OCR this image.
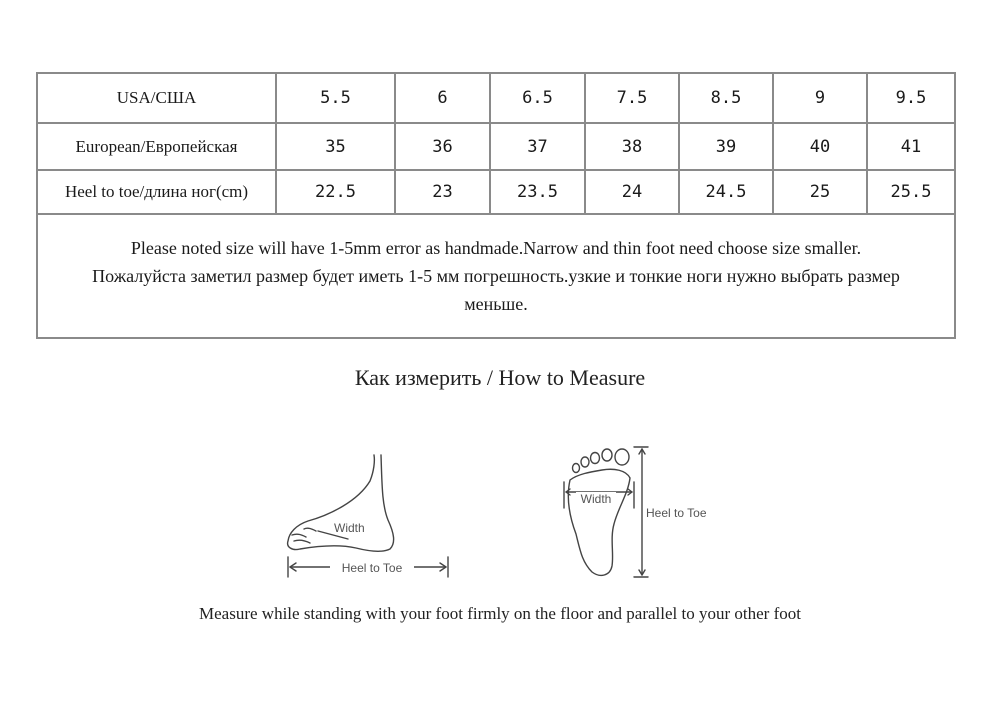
USA/США	5.5	6	6.5	7.5	8.5	9	9.5
European/Европейская	35	36	37	38	39	40	41
Heel to toe/длина ног(cm)	22.5	23	23.5	24	24.5	25	25.5

Please noted size will have 1-5mm error as handmade.Narrow and thin foot need choose size smaller.
Пожалуйста заметил размер будет иметь 1-5 мм погрешность.узкие и тонкие ноги нужно выбрать размер
меньше.							
Как измерить / How to Measure
Width
Heel to Toe
Width
Heel to Toe
Measure while standing with your foot firmly on the floor and parallel to your other foot
